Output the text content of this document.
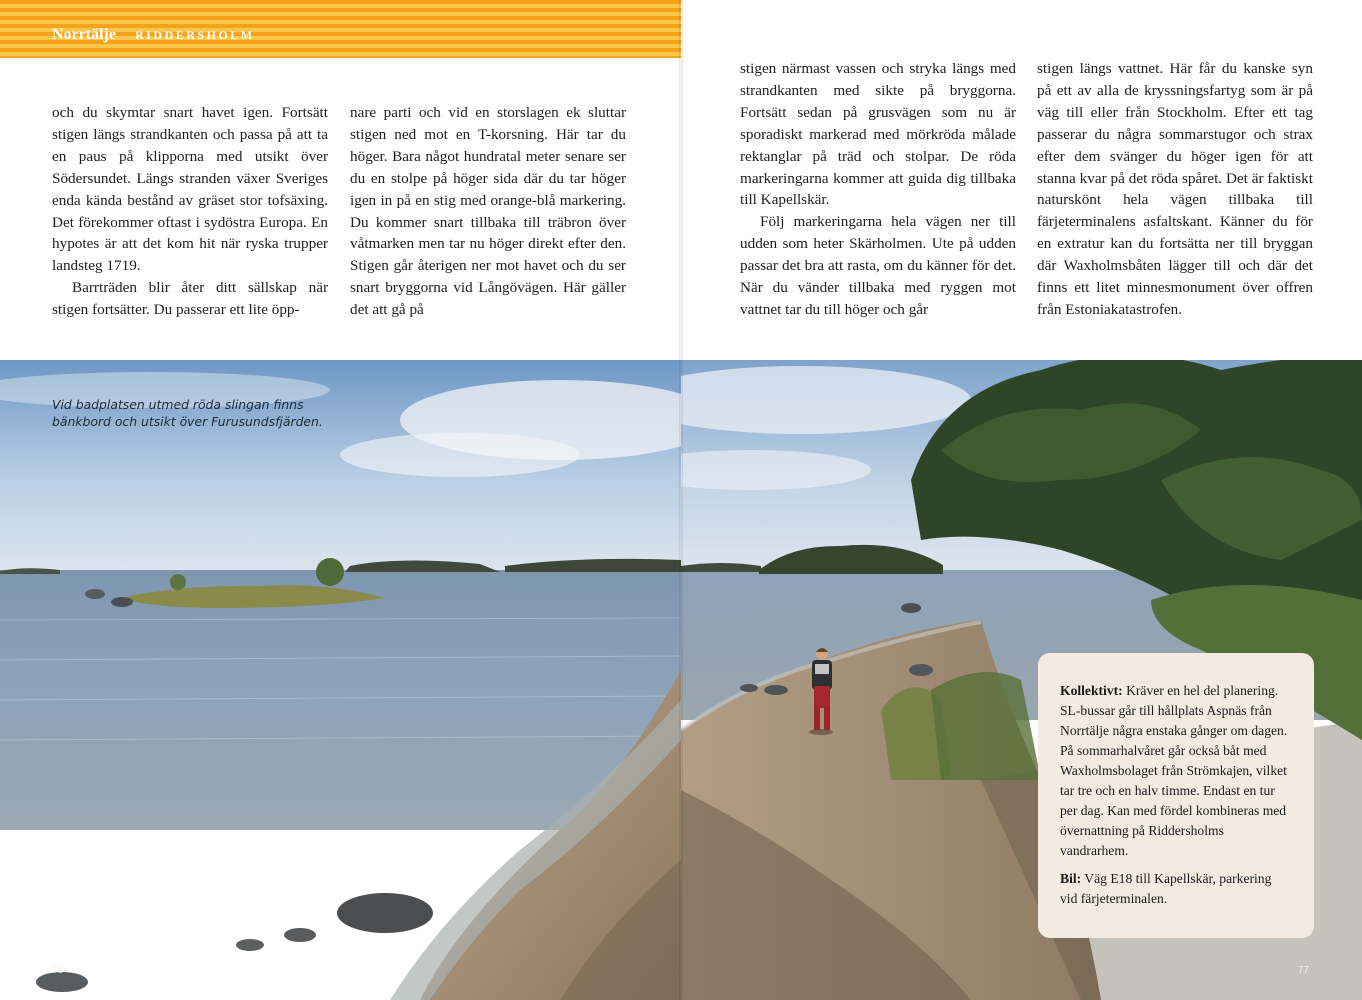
Norrtälje RIDDERSHOLM

och du skymtar snart havet igen. Fortsätt stigen längs strandkanten och passa på att ta en paus på klipporna med utsikt över Södersundet. Längs stranden växer Sveriges enda kända bestånd av gräset stor tofsäxing. Det förekommer oftast i sydöstra Europa. En hypotes är att det kom hit när ryska trupper landsteg 1719.

Barrträden blir åter ditt sällskap när stigen fortsätter. Du passerar ett lite öpp-

nare parti och vid en storslagen ek sluttar stigen ned mot en T-korsning. Här tar du höger. Bara något hundratal meter senare ser du en stolpe på höger sida där du tar höger igen in på en stig med orange-blå markering. Du kommer snart tillbaka till träbron över våtmarken men tar nu höger direkt efter den. Stigen går återigen ner mot havet och du ser snart bryggorna vid Långövägen. Här gäller det att gå på

Vid badplatsen utmed röda slingan finns bänkbord och utsikt över Furusundsfjärden.
76

stigen närmast vassen och stryka längs med strandkanten med sikte på bryggorna. Fortsätt sedan på grusvägen som nu är sporadiskt markerad med mörkröda målade rektanglar på träd och stolpar. De röda markeringarna kommer att guida dig tillbaka till Kapellskär.

Följ markeringarna hela vägen ner till udden som heter Skärholmen. Ute på udden passar det bra att rasta, om du känner för det. När du vänder tillbaka med ryggen mot vattnet tar du till höger och går

stigen längs vattnet. Här får du kanske syn på ett av alla de kryssningsfartyg som är på väg till eller från Stockholm. Efter ett tag passerar du några sommarstugor och strax efter dem svänger du höger igen för att stanna kvar på det röda spåret. Det är faktiskt naturskönt hela vägen tillbaka till färjeterminalens asfaltskant. Känner du för en extratur kan du fortsätta ner till bryggan där Waxholmsbåten lägger till och där det finns ett litet minnesmonument över offren från Estoniakatastrofen.

Kollektivt: Kräver en hel del planering. SL-bussar går till hållplats Aspnäs från Norrtälje några enstaka gånger om dagen. På sommarhalvåret går också båt med Waxholmsbolaget från Strömkajen, vilket tar tre och en halv timme. Endast en tur per dag. Kan med fördel kombineras med övernattning på Riddersholms vandrarhem.

Bil: Väg E18 till Kapellskär, parkering vid färjeterminalen.

77
